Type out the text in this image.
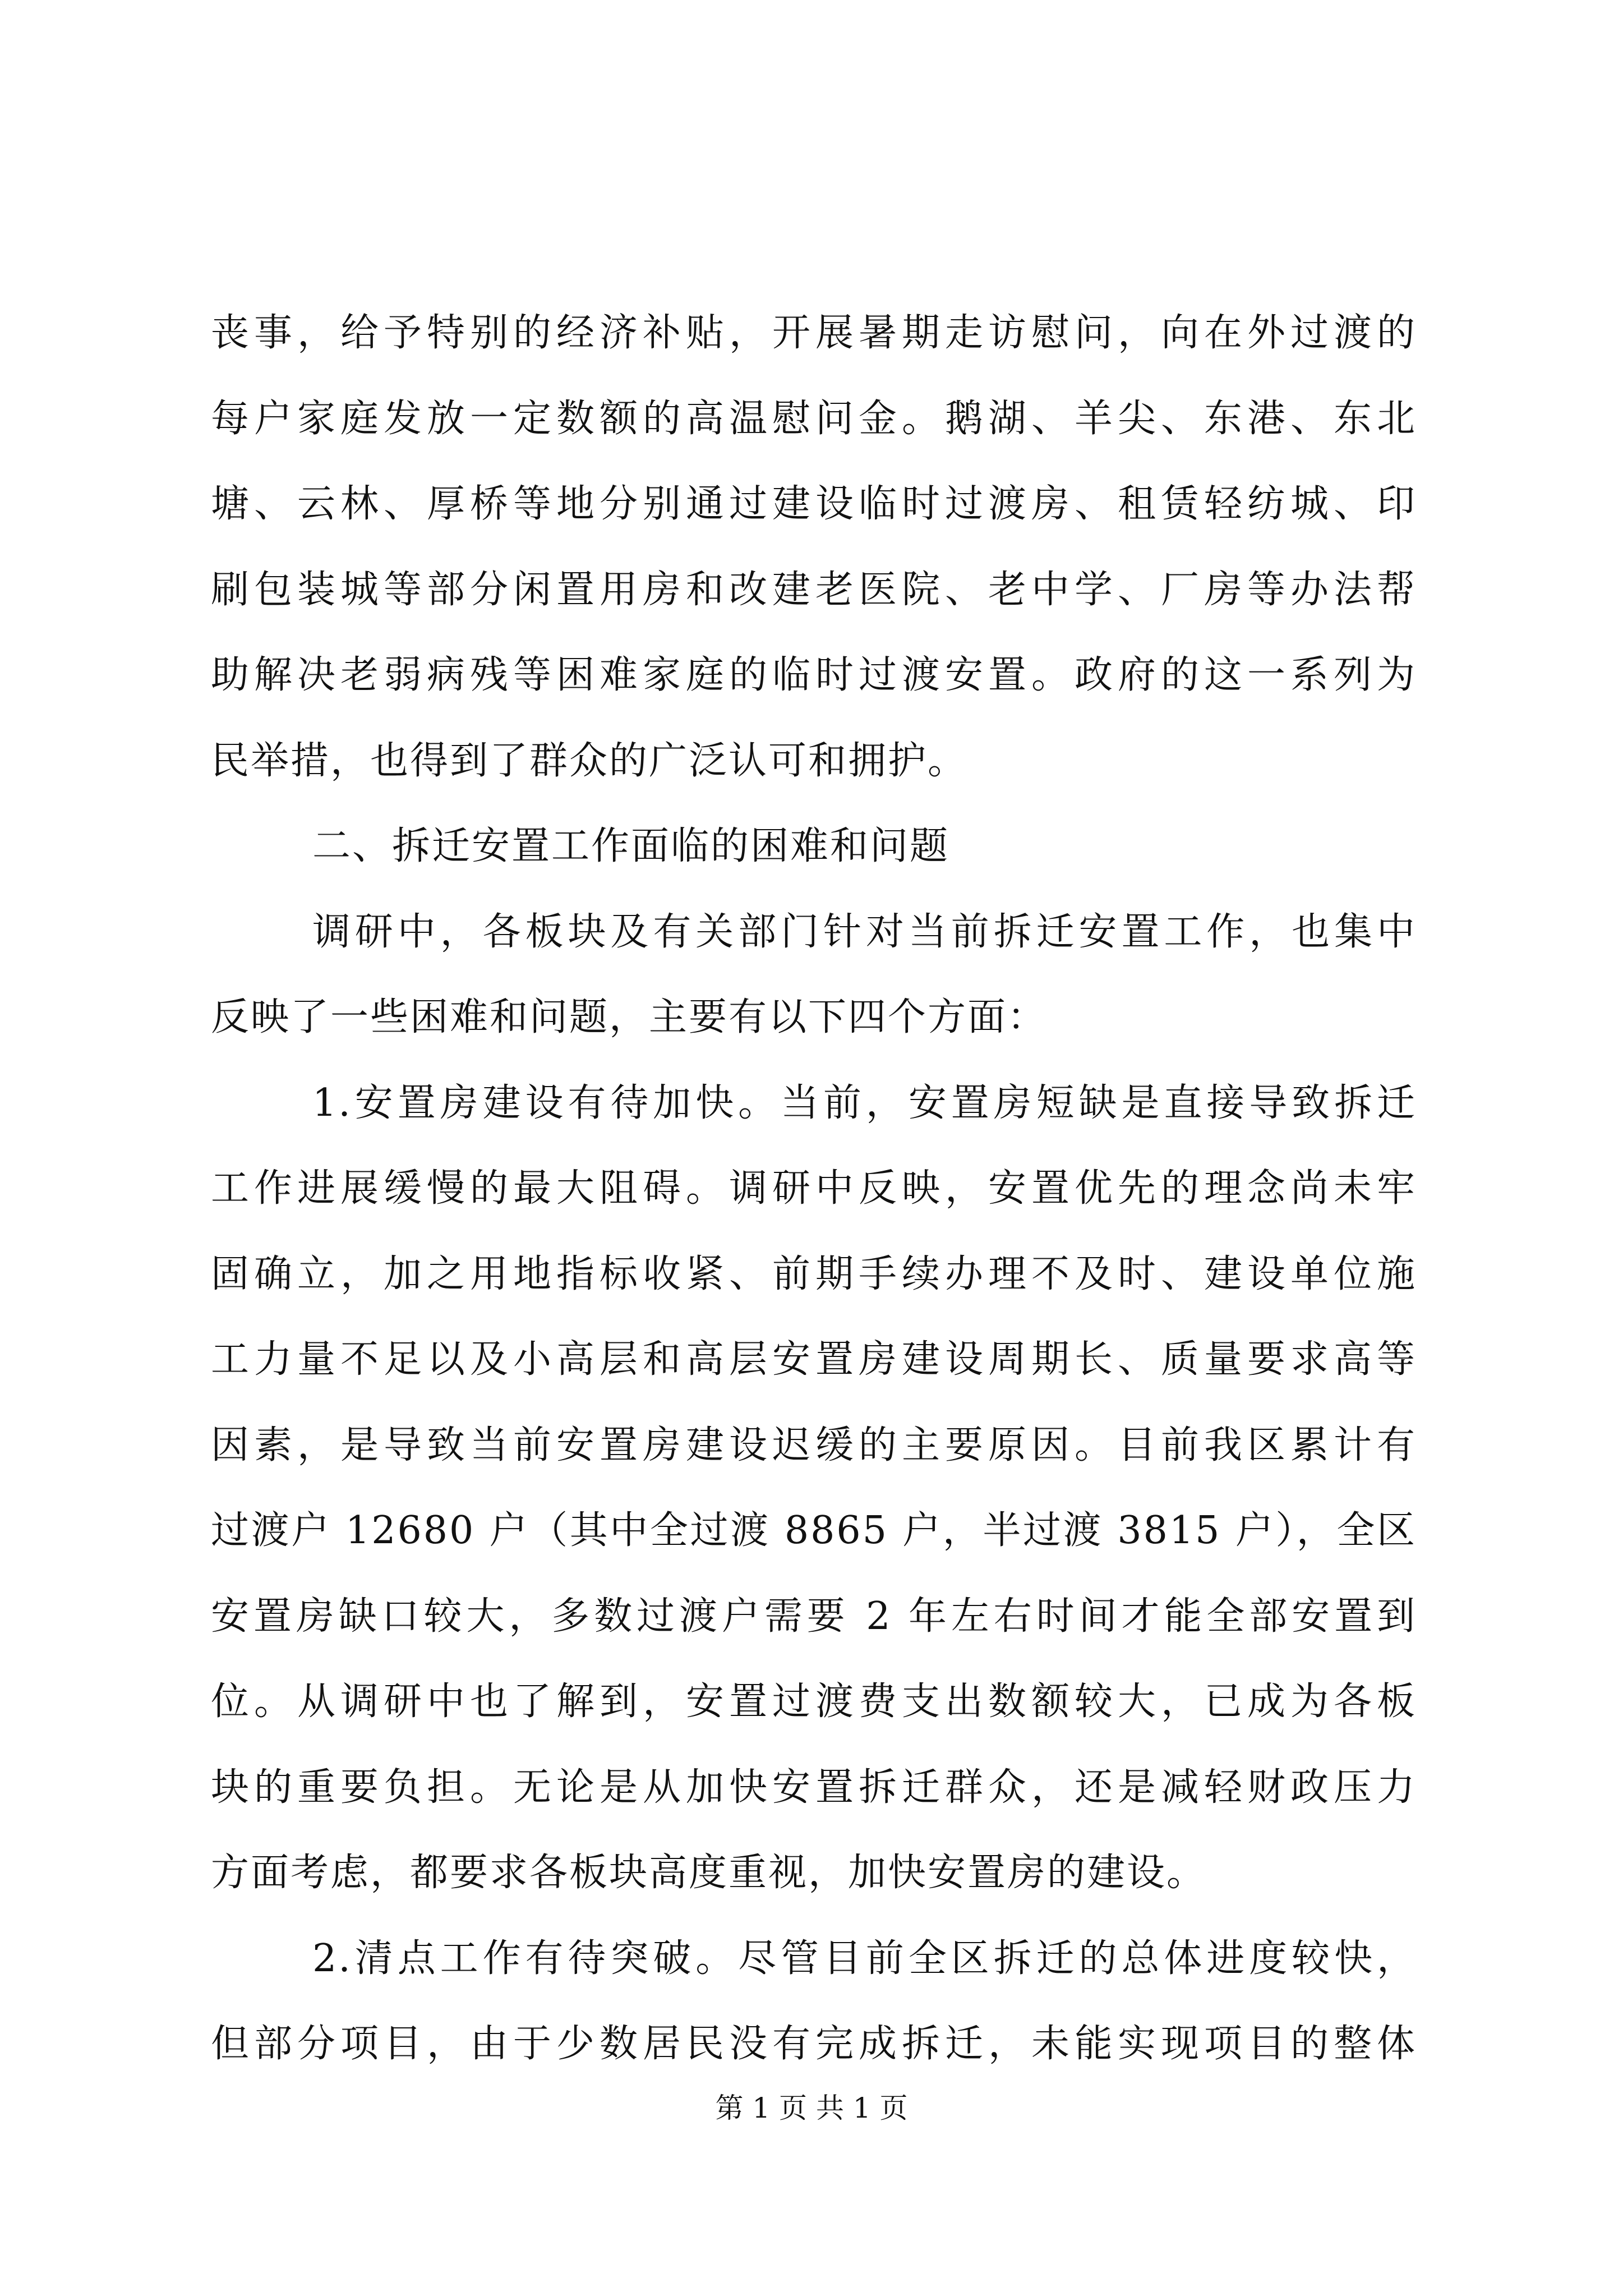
丧事，给予特别的经济补贴，开展暑期走访慰问，向在外过渡的
每户家庭发放一定数额的高温慰问金。鹅湖、羊尖、东港、东北
塘、云林、厚桥等地分别通过建设临时过渡房、租赁轻纺城、印
刷包装城等部分闲置用房和改建老医院、老中学、厂房等办法帮
助解决老弱病残等困难家庭的临时过渡安置。政府的这一系列为
民举措，也得到了群众的广泛认可和拥护。
二、拆迁安置工作面临的困难和问题
调研中，各板块及有关部门针对当前拆迁安置工作，也集中
反映了一些困难和问题，主要有以下四个方面：
1.安置房建设有待加快。当前，安置房短缺是直接导致拆迁
工作进展缓慢的最大阻碍。调研中反映，安置优先的理念尚未牢
固确立，加之用地指标收紧、前期手续办理不及时、建设单位施
工力量不足以及小高层和高层安置房建设周期长、质量要求高等
因素，是导致当前安置房建设迟缓的主要原因。目前我区累计有
过渡户 12680 户（其中全过渡 8865 户，半过渡 3815 户），全区
安置房缺口较大，多数过渡户需要 2 年左右时间才能全部安置到
位。从调研中也了解到，安置过渡费支出数额较大，已成为各板
块的重要负担。无论是从加快安置拆迁群众，还是减轻财政压力
方面考虑，都要求各板块高度重视，加快安置房的建设。
2.清点工作有待突破。尽管目前全区拆迁的总体进度较快，
但部分项目，由于少数居民没有完成拆迁，未能实现项目的整体
第 1 页 共 1 页
